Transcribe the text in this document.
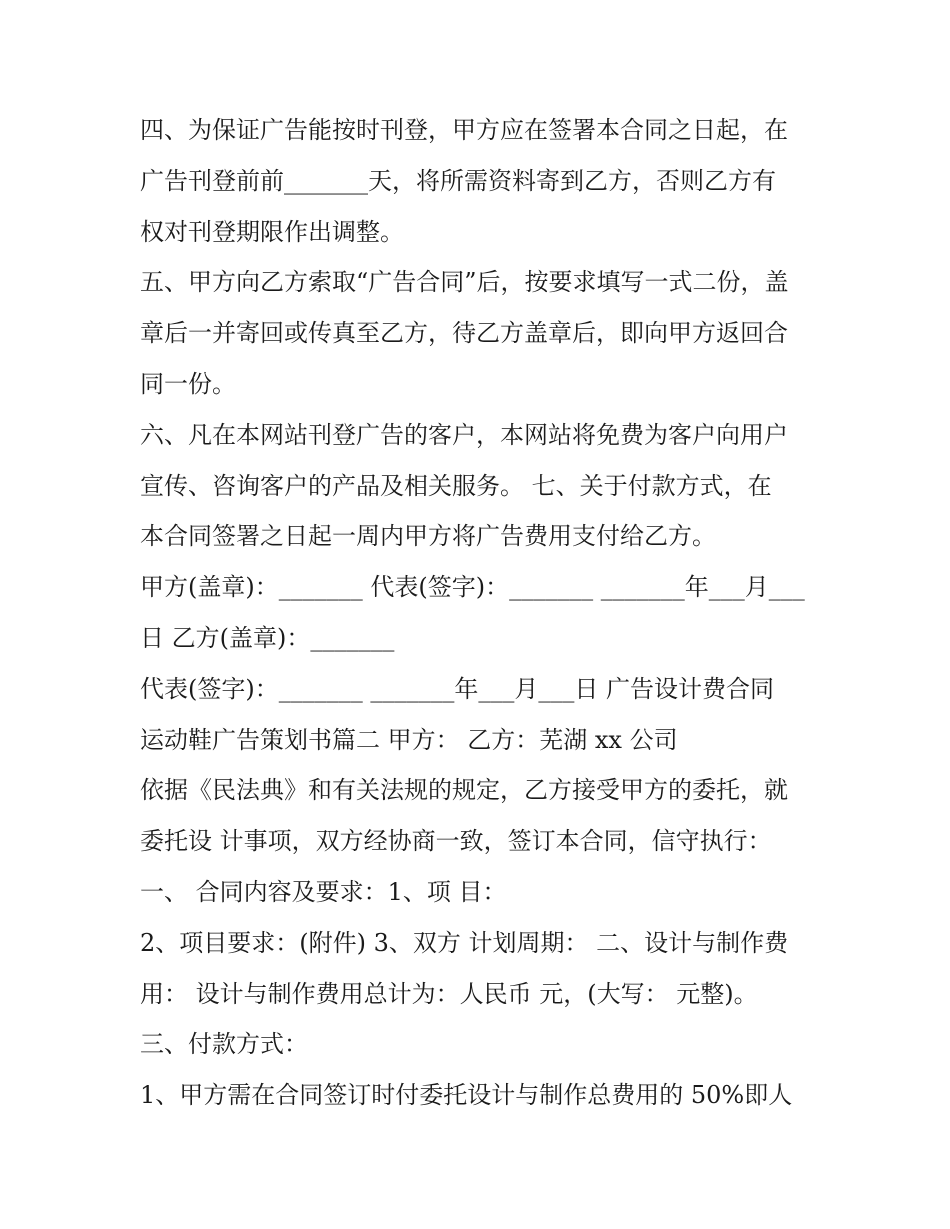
四、为保证广告能按时刊登，甲方应在签署本合同之日起，在
广告刊登前前_______天，将所需资料寄到乙方，否则乙方有
权对刊登期限作出调整。
五、甲方向乙方索取“广告合同”后，按要求填写一式二份，盖
章后一并寄回或传真至乙方，待乙方盖章后，即向甲方返回合
同一份。
六、凡在本网站刊登广告的客户，本网站将免费为客户向用户
宣传、咨询客户的产品及相关服务。 七、关于付款方式，在
本合同签署之日起一周内甲方将广告费用支付给乙方。
甲方(盖章)：_______ 代表(签字)：_______ _______年___月___
日 乙方(盖章)：_______
代表(签字)：_______ _______年___月___日 广告设计费合同
运动鞋广告策划书篇二 甲方： 乙方：芜湖 xx 公司
依据《民法典》和有关法规的规定，乙方接受甲方的委托，就
委托设 计事项，双方经协商一致，签订本合同，信守执行：
一、 合同内容及要求：1、项 目：
2、项目要求：(附件) 3、双方 计划周期： 二、设计与制作费
用： 设计与制作费用总计为：人民币 元，(大写： 元整)。
三、付款方式：
1、甲方需在合同签订时付委托设计与制作总费用的 50%即人
